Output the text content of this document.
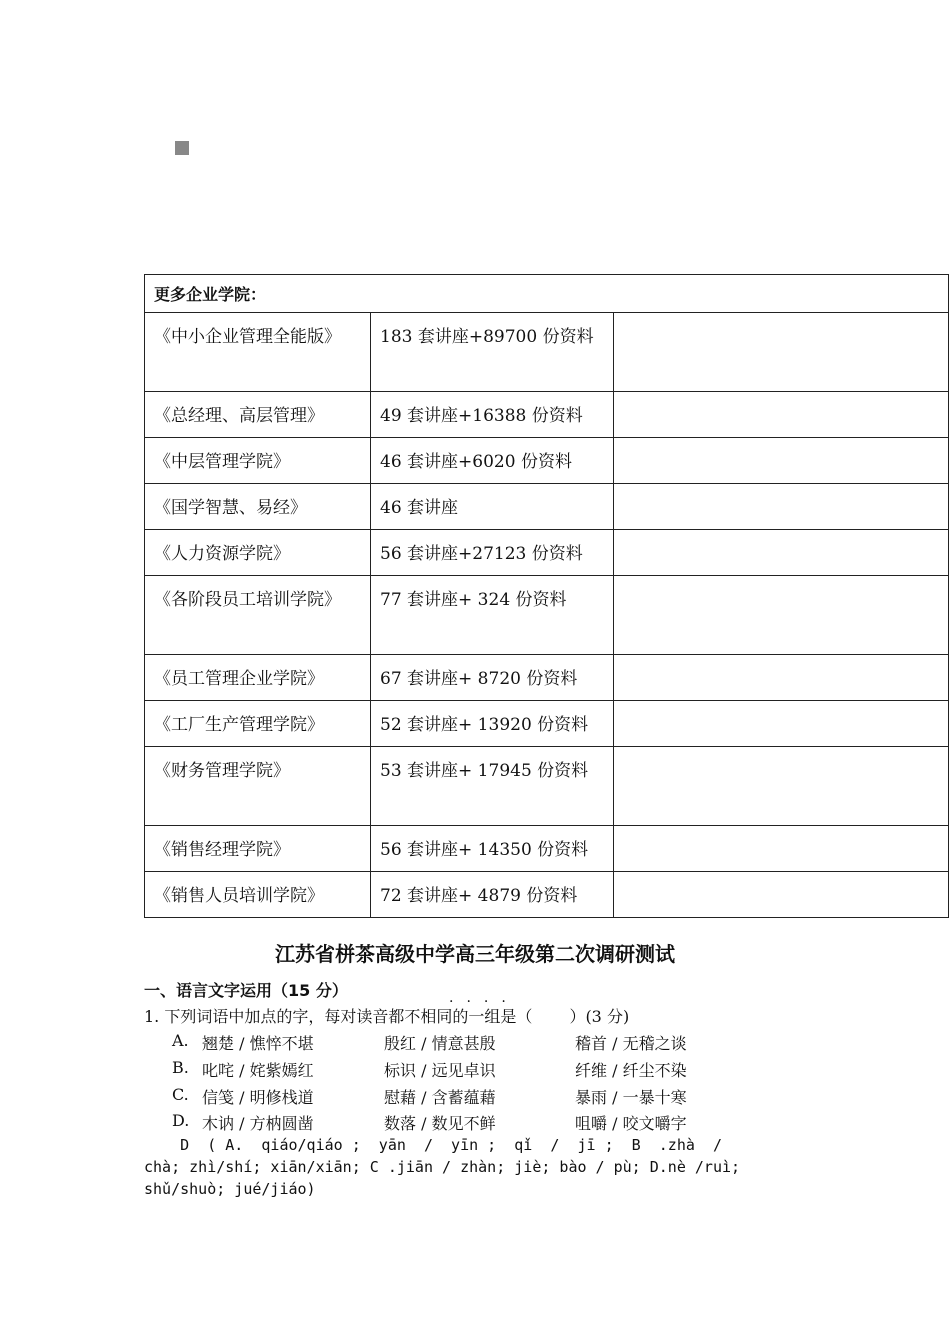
更多企业学院：		
《中小企业管理全能版》	183 套讲座+89700 份资料	
《总经理、高层管理》	49 套讲座+16388 份资料	
《中层管理学院》	46 套讲座+6020 份资料	
《国学智慧、易经》	46 套讲座	
《人力资源学院》	56 套讲座+27123 份资料	
《各阶段员工培训学院》	77 套讲座+ 324 份资料	
《员工管理企业学院》	67 套讲座+ 8720 份资料	
《工厂生产管理学院》	52 套讲座+ 13920 份资料	
《财务管理学院》	53 套讲座+ 17945 份资料	
《销售经理学院》	56 套讲座+ 14350 份资料	
《销售人员培训学院》	72 套讲座+ 4879 份资料	
江苏省栟茶高级中学高三年级第二次调研测试
一、语言文字运用（15 分）	....
1. 下列词语中加点的字，每对读音都不相同的一组是（　　 ）(3 分)
A. 翘楚 / 憔悴不堪	殷红 / 情意甚殷	稽首 / 无稽之谈
B. 叱咤 / 姹紫嫣红	标识 / 远见卓识	纤维 / 纤尘不染
C. 信笺 / 明修栈道	慰藉 / 含蓄蕴藉	暴雨 / 一暴十寒
D. 木讷 / 方枘圆凿	数落 / 数见不鲜	咀嚼 / 咬文嚼字
D  ( A.  qiáo/qiáo ;  yān  /  yīn ;  qǐ  /  jī ;  B  .zhà  /
chà; zhì/shí; xiān/xiān; C .jiān / zhàn; jiè; bào / pù; D.nè /ruì;
shǔ/shuò; jué/jiáo)
